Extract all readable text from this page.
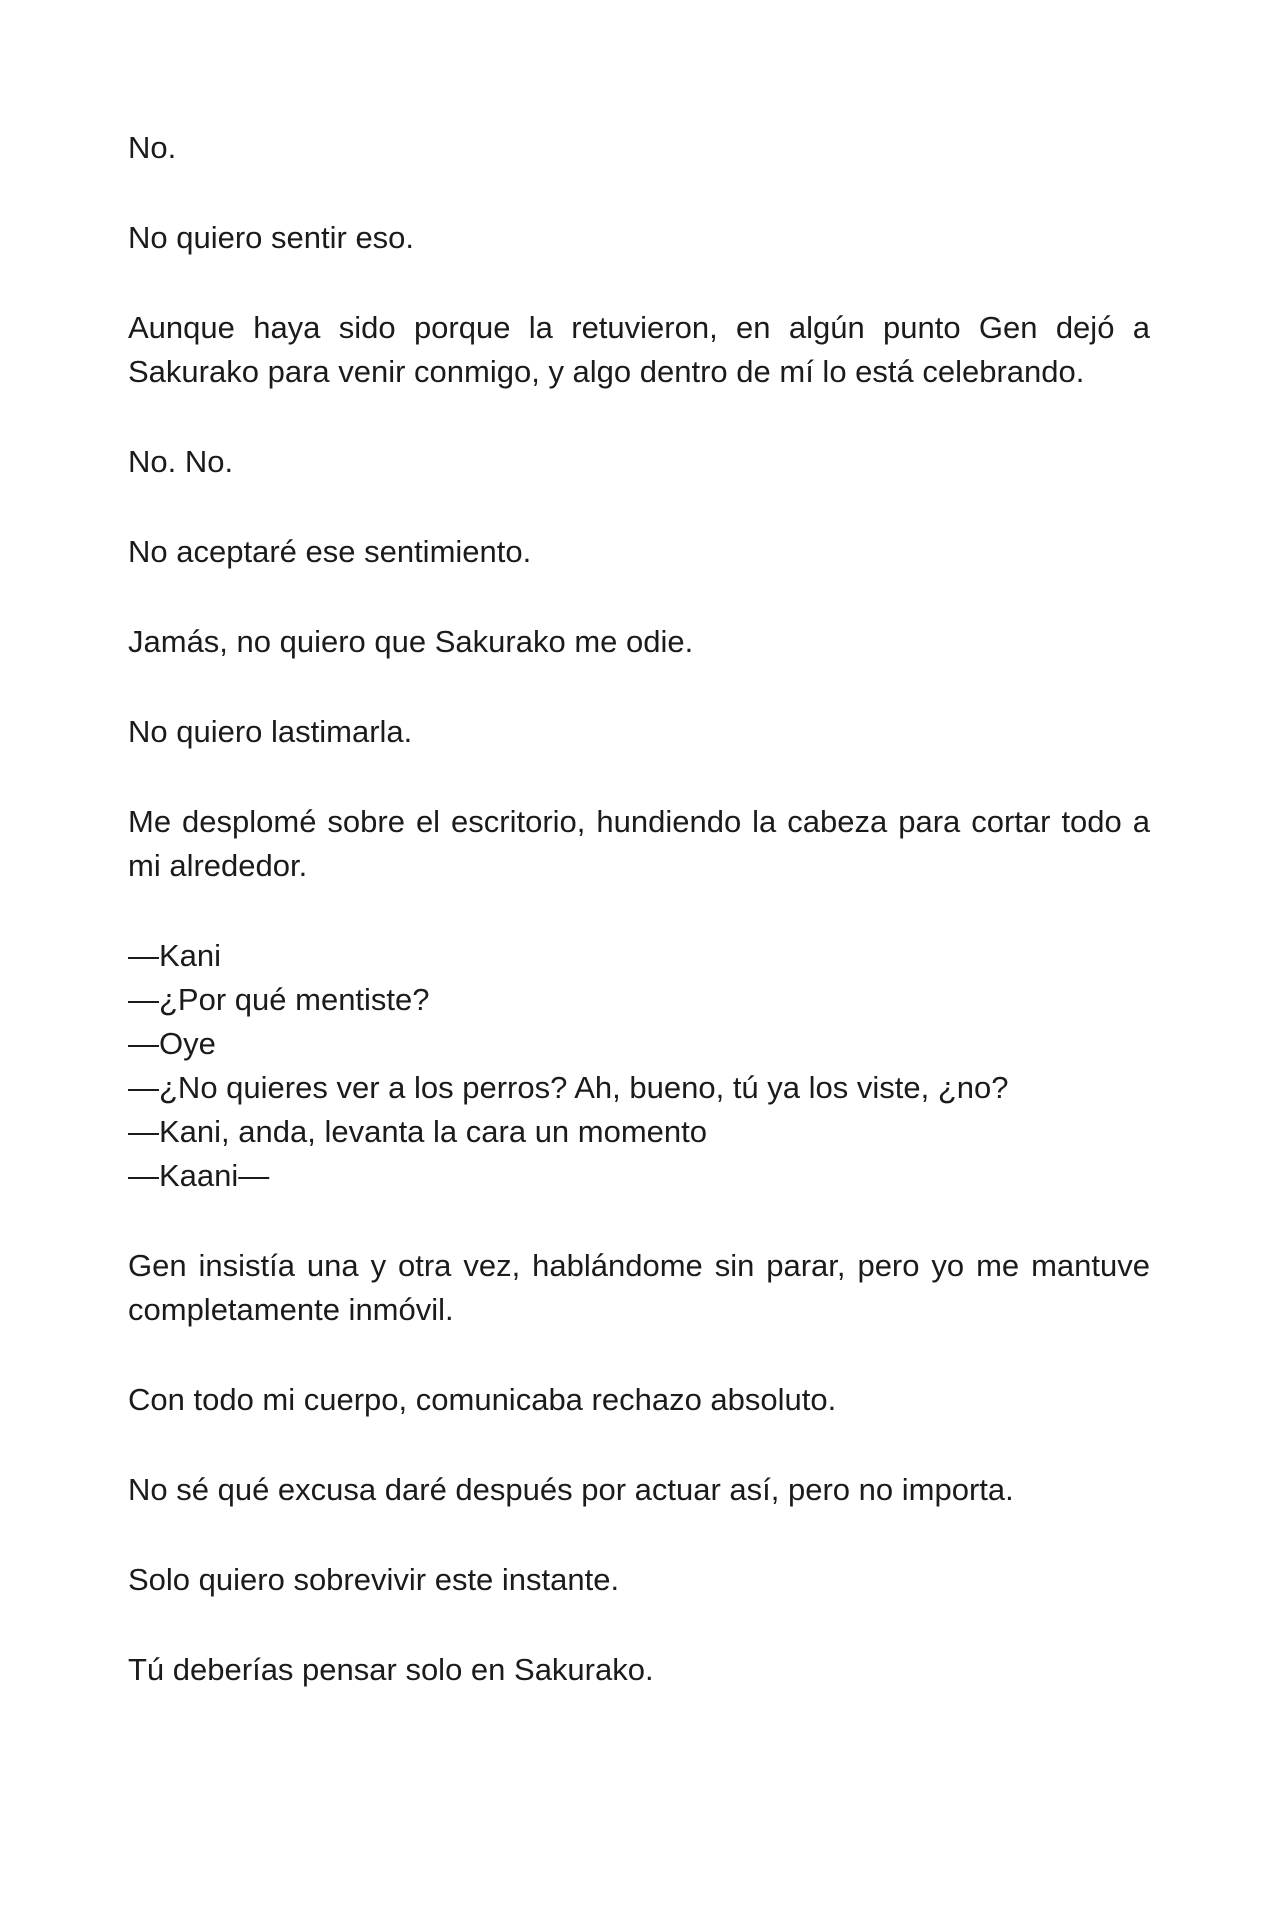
No.

No quiero sentir eso.

Aunque haya sido porque la retuvieron, en algún punto Gen dejó a Sakurako para venir conmigo, y algo dentro de mí lo está celebrando.

No. No.

No aceptaré ese sentimiento.

Jamás, no quiero que Sakurako me odie.

No quiero lastimarla.

Me desplomé sobre el escritorio, hundiendo la cabeza para cortar todo a mi alrededor.

—Kani
—¿Por qué mentiste?
—Oye
—¿No quieres ver a los perros? Ah, bueno, tú ya los viste, ¿no?
—Kani, anda, levanta la cara un momento
—Kaani—

Gen insistía una y otra vez, hablándome sin parar, pero yo me mantuve completamente inmóvil.

Con todo mi cuerpo, comunicaba rechazo absoluto.

No sé qué excusa daré después por actuar así, pero no importa.

Solo quiero sobrevivir este instante.

Tú deberías pensar solo en Sakurako.
